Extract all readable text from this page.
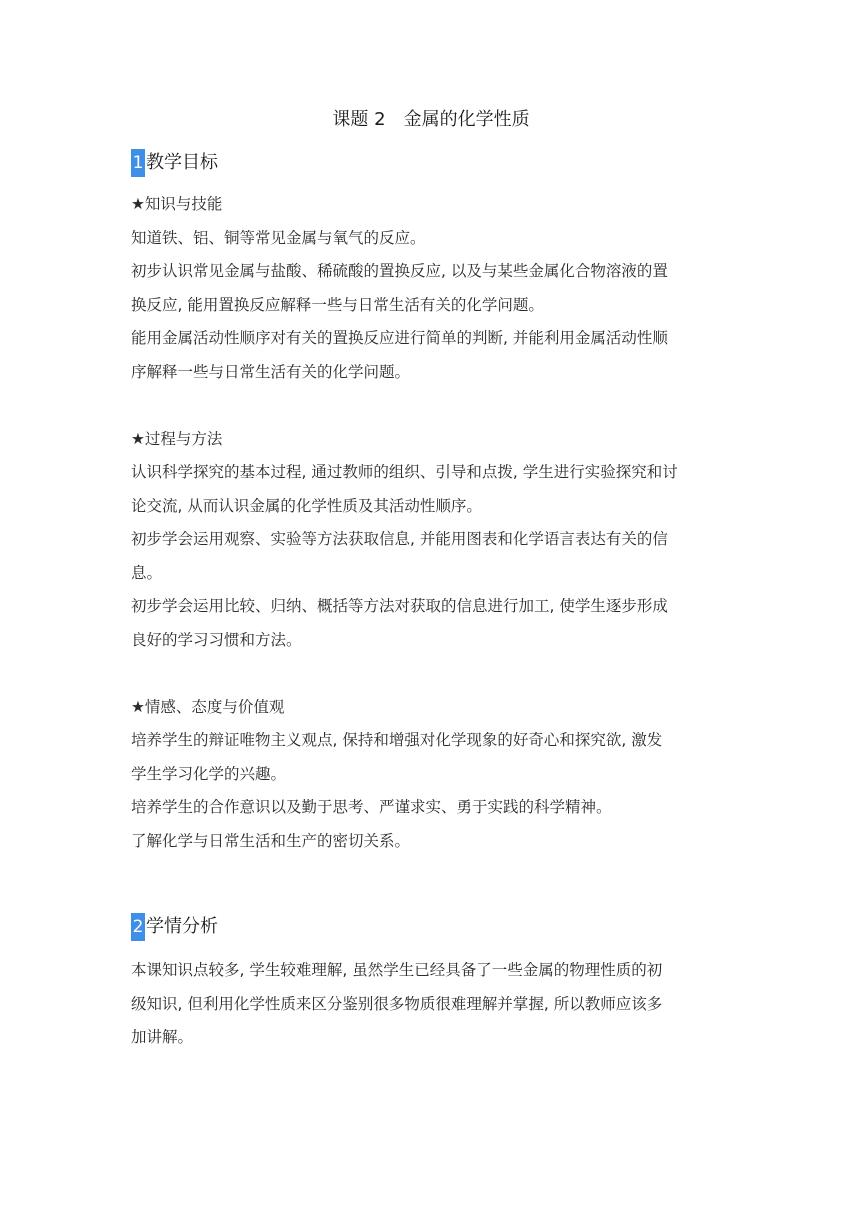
课题 2　金属的化学性质
1 教学目标
★知识与技能
知道铁、铝、铜等常见金属与氧气的反应。
初步认识常见金属与盐酸、稀硫酸的置换反应, 以及与某些金属化合物溶液的置
换反应, 能用置换反应解释一些与日常生活有关的化学问题。
能用金属活动性顺序对有关的置换反应进行简单的判断, 并能利用金属活动性顺
序解释一些与日常生活有关的化学问题。
★过程与方法
认识科学探究的基本过程, 通过教师的组织、引导和点拨, 学生进行实验探究和讨
论交流, 从而认识金属的化学性质及其活动性顺序。
初步学会运用观察、实验等方法获取信息, 并能用图表和化学语言表达有关的信
息。
初步学会运用比较、归纳、概括等方法对获取的信息进行加工, 使学生逐步形成
良好的学习习惯和方法。
★情感、态度与价值观
培养学生的辩证唯物主义观点, 保持和增强对化学现象的好奇心和探究欲, 激发
学生学习化学的兴趣。
培养学生的合作意识以及勤于思考、严谨求实、勇于实践的科学精神。
了解化学与日常生活和生产的密切关系。
2 学情分析
本课知识点较多, 学生较难理解, 虽然学生已经具备了一些金属的物理性质的初
级知识, 但利用化学性质来区分鉴别很多物质很难理解并掌握, 所以教师应该多
加讲解。
